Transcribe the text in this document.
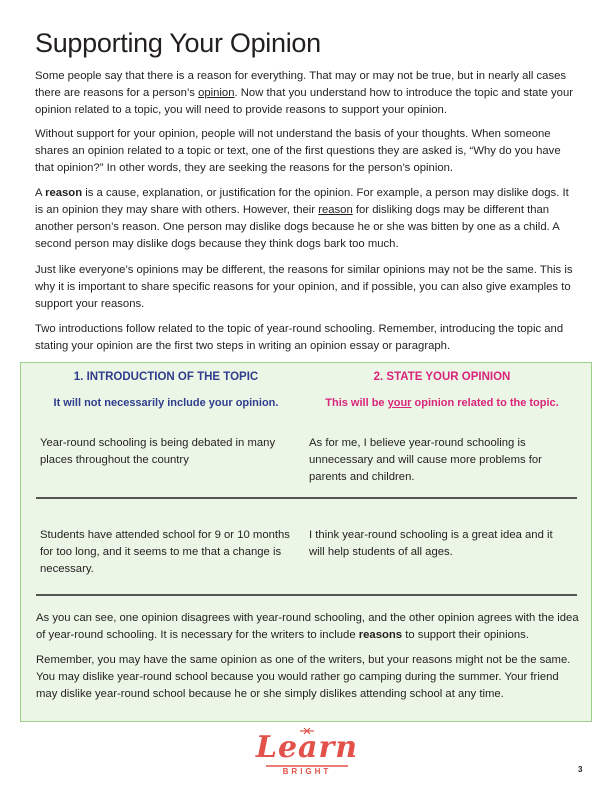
Supporting Your Opinion

Some people say that there is a reason for everything. That may or may not be true, but in nearly all cases there are reasons for a person’s opinion. Now that you understand how to introduce the topic and state your opinion related to a topic, you will need to provide reasons to support your opinion.

Without support for your opinion, people will not understand the basis of your thoughts. When someone shares an opinion related to a topic or text, one of the first questions they are asked is, “Why do you have that opinion?” In other words, they are seeking the reasons for the person’s opinion.

A reason is a cause, explanation, or justification for the opinion. For example, a person may dislike dogs. It is an opinion they may share with others. However, their reason for disliking dogs may be different than another person’s reason. One person may dislike dogs because he or she was bitten by one as a child. A second person may dislike dogs because they think dogs bark too much.

Just like everyone’s opinions may be different, the reasons for similar opinions may not be the same. This is why it is important to share specific reasons for your opinion, and if possible, you can also give examples to support your reasons.

Two introductions follow related to the topic of year-round schooling. Remember, introducing the topic and stating your opinion are the first two steps in writing an opinion essay or paragraph.

1. INTRODUCTION OF THE TOPIC
It will not necessarily include your opinion.
2. STATE YOUR OPINION
This will be your opinion related to the topic.
Year-round schooling is being debated in many places throughout the country
As for me, I believe year-round schooling is unnecessary and will cause more problems for parents and children.
Students have attended school for 9 or 10 months for too long, and it seems to me that a change is necessary.
I think year-round schooling is a great idea and it will help students of all ages.

As you can see, one opinion disagrees with year-round schooling, and the other opinion agrees with the idea of year-round schooling. It is necessary for the writers to include reasons to support their opinions.

Remember, you may have the same opinion as one of the writers, but your reasons might not be the same. You may dislike year-round school because you would rather go camping during the summer. Your friend may dislike year-round school because he or she simply dislikes attending school at any time.

Learn
BRIGHT	3
